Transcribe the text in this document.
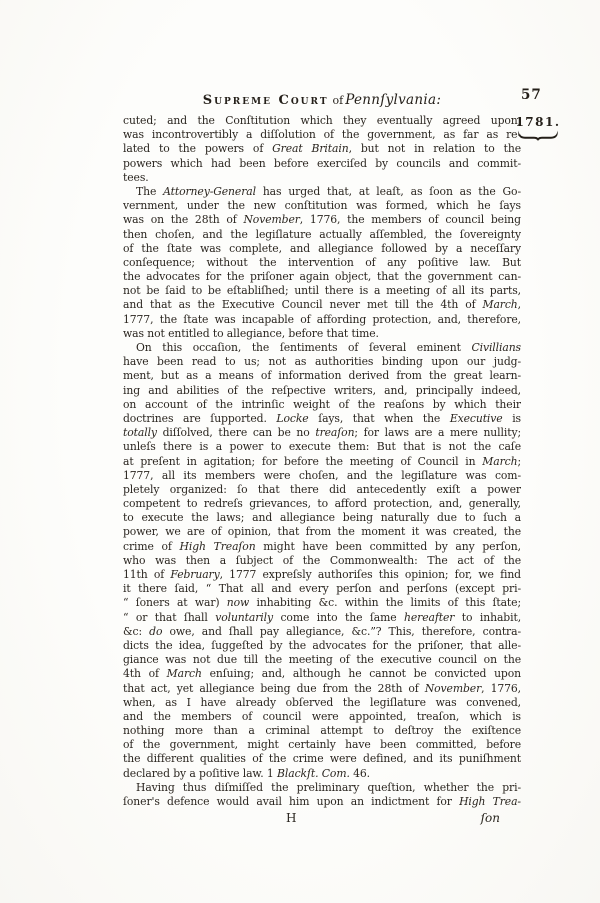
Supreme Court of Pennſylvania:	57
1781.
cuted; and the Conſtitution which they eventually agreed upon,
was incontrovertibly a diſſolution of the government, as far as re-
lated to the powers of Great Britain, but not in relation to the
powers which had been before exerciſed by councils and commit-
tees.
The Attorney-General has urged that, at leaſt, as ſoon as the Go-
vernment, under the new conſtitution was formed, which he ſays
was on the 28th of November, 1776, the members of council being
then choſen, and the legiſlature actually aſſembled, the ſovereignty
of the ſtate was complete, and allegiance followed by a neceſſary
conſequence; without the intervention of any poſitive law. But
the advocates for the priſoner again object, that the government can-
not be ſaid to be eſtabliſhed; until there is a meeting of all its parts,
and that as the Executive Council never met till the 4th of March,
1777, the ſtate was incapable of affording protection, and, therefore,
was not entitled to allegiance, before that time.
On this occaſion, the ſentiments of ſeveral eminent Civillians
have been read to us; not as authorities binding upon our judg-
ment, but as a means of information derived from the great learn-
ing and abilities of the reſpective writers, and, principally indeed,
on account of the intrinſic weight of the reaſons by which their
doctrines are ſupported. Locke ſays, that when the Executive is
totally diſſolved, there can be no treaſon; for laws are a mere nullity;
unleſs there is a power to execute them: But that is not the caſe
at preſent in agitation; for before the meeting of Council in March;
1777, all its members were choſen, and the legiſlature was com-
pletely organized: ſo that there did antecedently exiſt a power
competent to redreſs grievances, to afford protection, and, generally,
to execute the laws; and allegiance being naturally due to ſuch a
power, we are of opinion, that from the moment it was created, the
crime of High Treaſon might have been committed by any perſon,
who was then a ſubject of the Commonwealth: The act of the
11th of February, 1777 expreſsly authoriſes this opinion; for, we find
it there ſaid, “ That all and every perſon and perſons (except pri-
“ ſoners at war) now inhabiting &c. within the limits of this ſtate;
“ or that ſhall voluntarily come into the ſame hereafter to inhabit,
&c: do owe, and ſhall pay allegiance, &c.”? This, therefore, contra-
dicts the idea, ſuggeſted by the advocates for the priſoner, that alle-
giance was not due till the meeting of the executive council on the
4th of March enſuing; and, although he cannot be convicted upon
that act, yet allegiance being due from the 28th of November, 1776,
when, as I have already obſerved the legiſlature was convened,
and the members of council were appointed, treaſon, which is
nothing more than a criminal attempt to deſtroy the exiſtence
of the government, might certainly have been committed, before
the different qualities of the crime were defined, and its puniſhment
declared by a poſitive law. 1 Blackſt. Com. 46.
Having thus diſmiſſed the preliminary queſtion, whether the pri-
ſoner's defence would avail him upon an indictment for High Trea-
H	ſon
